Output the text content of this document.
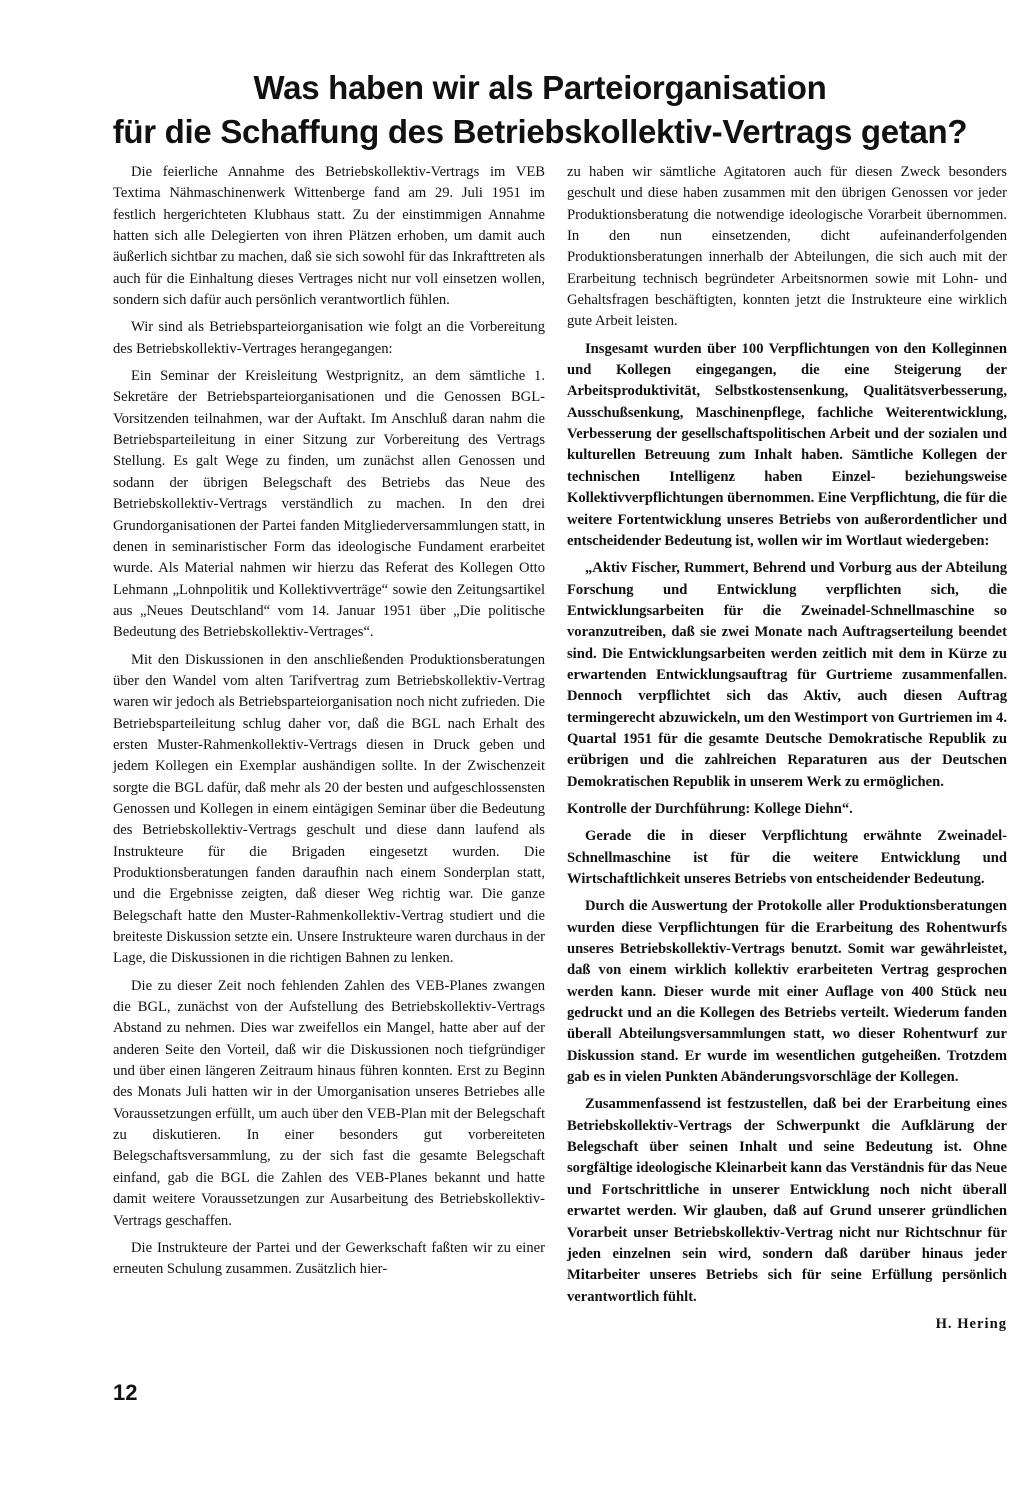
Was haben wir als Parteiorganisation
für die Schaffung des Betriebskollektiv-Vertrags getan?

Die feierliche Annahme des Betriebskollektiv-Vertrags im VEB Textima Nähmaschinenwerk Wittenberge fand am 29. Juli 1951 im festlich hergerichteten Klubhaus statt. Zu der einstimmigen Annahme hatten sich alle Delegierten von ihren Plätzen erhoben, um damit auch äußerlich sichtbar zu machen, daß sie sich sowohl für das Inkrafttreten als auch für die Einhaltung dieses Vertrages nicht nur voll einsetzen wollen, sondern sich dafür auch persönlich verantwortlich fühlen.

Wir sind als Betriebsparteiorganisation wie folgt an die Vorbereitung des Betriebskollektiv-Vertrages herangegangen:

Ein Seminar der Kreisleitung Westprignitz, an dem sämtliche 1. Sekretäre der Betriebsparteiorganisationen und die Genossen BGL-Vorsitzenden teilnahmen, war der Auftakt. Im Anschluß daran nahm die Betriebsparteileitung in einer Sitzung zur Vorbereitung des Vertrags Stellung. Es galt Wege zu finden, um zunächst allen Genossen und sodann der übrigen Belegschaft des Betriebs das Neue des Betriebskollektiv-Vertrags verständlich zu machen. In den drei Grundorganisationen der Partei fanden Mitgliederversammlungen statt, in denen in seminaristischer Form das ideologische Fundament erarbeitet wurde. Als Material nahmen wir hierzu das Referat des Kollegen Otto Lehmann „Lohnpolitik und Kollektivverträge“ sowie den Zeitungsartikel aus „Neues Deutschland“ vom 14. Januar 1951 über „Die politische Bedeutung des Betriebskollektiv-Vertrages“.

Mit den Diskussionen in den anschließenden Produktionsberatungen über den Wandel vom alten Tarifvertrag zum Betriebskollektiv-Vertrag waren wir jedoch als Betriebsparteiorganisation noch nicht zufrieden. Die Betriebsparteileitung schlug daher vor, daß die BGL nach Erhalt des ersten Muster-Rahmenkollektiv-Vertrags diesen in Druck geben und jedem Kollegen ein Exemplar aushändigen sollte. In der Zwischenzeit sorgte die BGL dafür, daß mehr als 20 der besten und aufgeschlossensten Genossen und Kollegen in einem eintägigen Seminar über die Bedeutung des Betriebskollektiv-Vertrags geschult und diese dann laufend als Instrukteure für die Brigaden eingesetzt wurden. Die Produktionsberatungen fanden daraufhin nach einem Sonderplan statt, und die Ergebnisse zeigten, daß dieser Weg richtig war. Die ganze Belegschaft hatte den Muster-Rahmenkollektiv-Vertrag studiert und die breiteste Diskussion setzte ein. Unsere Instrukteure waren durchaus in der Lage, die Diskussionen in die richtigen Bahnen zu lenken.

Die zu dieser Zeit noch fehlenden Zahlen des VEB-Planes zwangen die BGL, zunächst von der Aufstellung des Betriebskollektiv-Vertrags Abstand zu nehmen. Dies war zweifellos ein Mangel, hatte aber auf der anderen Seite den Vorteil, daß wir die Diskussionen noch tiefgründiger und über einen längeren Zeitraum hinaus führen konnten. Erst zu Beginn des Monats Juli hatten wir in der Umorganisation unseres Betriebes alle Voraussetzungen erfüllt, um auch über den VEB-Plan mit der Belegschaft zu diskutieren. In einer besonders gut vorbereiteten Belegschaftsversammlung, zu der sich fast die gesamte Belegschaft einfand, gab die BGL die Zahlen des VEB-Planes bekannt und hatte damit weitere Voraussetzungen zur Ausarbeitung des Betriebskollektiv-Vertrags geschaffen.

Die Instrukteure der Partei und der Gewerkschaft faßten wir zu einer erneuten Schulung zusammen. Zusätzlich hier-

zu haben wir sämtliche Agitatoren auch für diesen Zweck besonders geschult und diese haben zusammen mit den übrigen Genossen vor jeder Produktionsberatung die notwendige ideologische Vorarbeit übernommen. In den nun einsetzenden, dicht aufeinanderfolgenden Produktionsberatungen innerhalb der Abteilungen, die sich auch mit der Erarbeitung technisch begründeter Arbeitsnormen sowie mit Lohn- und Gehaltsfragen beschäftigten, konnten jetzt die Instrukteure eine wirklich gute Arbeit leisten.

Insgesamt wurden über 100 Verpflichtungen von den Kolleginnen und Kollegen eingegangen, die eine Steigerung der Arbeitsproduktivität, Selbstkostensenkung, Qualitätsverbesserung, Ausschußsenkung, Maschinenpflege, fachliche Weiterentwicklung, Verbesserung der gesellschaftspolitischen Arbeit und der sozialen und kulturellen Betreuung zum Inhalt haben. Sämtliche Kollegen der technischen Intelligenz haben Einzel- beziehungsweise Kollektivverpflichtungen übernommen. Eine Verpflichtung, die für die weitere Fortentwicklung unseres Betriebs von außerordentlicher und entscheidender Bedeutung ist, wollen wir im Wortlaut wiedergeben:

„Aktiv Fischer, Rummert, Behrend und Vorburg aus der Abteilung Forschung und Entwicklung verpflichten sich, die Entwicklungsarbeiten für die Zweinadel-Schnellmaschine so voranzutreiben, daß sie zwei Monate nach Auftragserteilung beendet sind. Die Entwicklungsarbeiten werden zeitlich mit dem in Kürze zu erwartenden Entwicklungsauftrag für Gurtrieme zusammenfallen. Dennoch verpflichtet sich das Aktiv, auch diesen Auftrag termingerecht abzuwickeln, um den Westimport von Gurtriemen im 4. Quartal 1951 für die gesamte Deutsche Demokratische Republik zu erübrigen und die zahlreichen Reparaturen aus der Deutschen Demokratischen Republik in unserem Werk zu ermöglichen.

Kontrolle der Durchführung: Kollege Diehn“.

Gerade die in dieser Verpflichtung erwähnte Zweinadel-Schnellmaschine ist für die weitere Entwicklung und Wirtschaftlichkeit unseres Betriebs von entscheidender Bedeutung.

Durch die Auswertung der Protokolle aller Produktionsberatungen wurden diese Verpflichtungen für die Erarbeitung des Rohentwurfs unseres Betriebskollektiv-Vertrags benutzt. Somit war gewährleistet, daß von einem wirklich kollektiv erarbeiteten Vertrag gesprochen werden kann. Dieser wurde mit einer Auflage von 400 Stück neu gedruckt und an die Kollegen des Betriebs verteilt. Wiederum fanden überall Abteilungsversammlungen statt, wo dieser Rohentwurf zur Diskussion stand. Er wurde im wesentlichen gutgeheißen. Trotzdem gab es in vielen Punkten Abänderungsvorschläge der Kollegen.

Zusammenfassend ist festzustellen, daß bei der Erarbeitung eines Betriebskollektiv-Vertrags der Schwerpunkt die Aufklärung der Belegschaft über seinen Inhalt und seine Bedeutung ist. Ohne sorgfältige ideologische Kleinarbeit kann das Verständnis für das Neue und Fortschrittliche in unserer Entwicklung noch nicht überall erwartet werden. Wir glauben, daß auf Grund unserer gründlichen Vorarbeit unser Betriebskollektiv-Vertrag nicht nur Richtschnur für jeden einzelnen sein wird, sondern daß darüber hinaus jeder Mitarbeiter unseres Betriebs sich für seine Erfüllung persönlich verantwortlich fühlt.

H. Hering
12
